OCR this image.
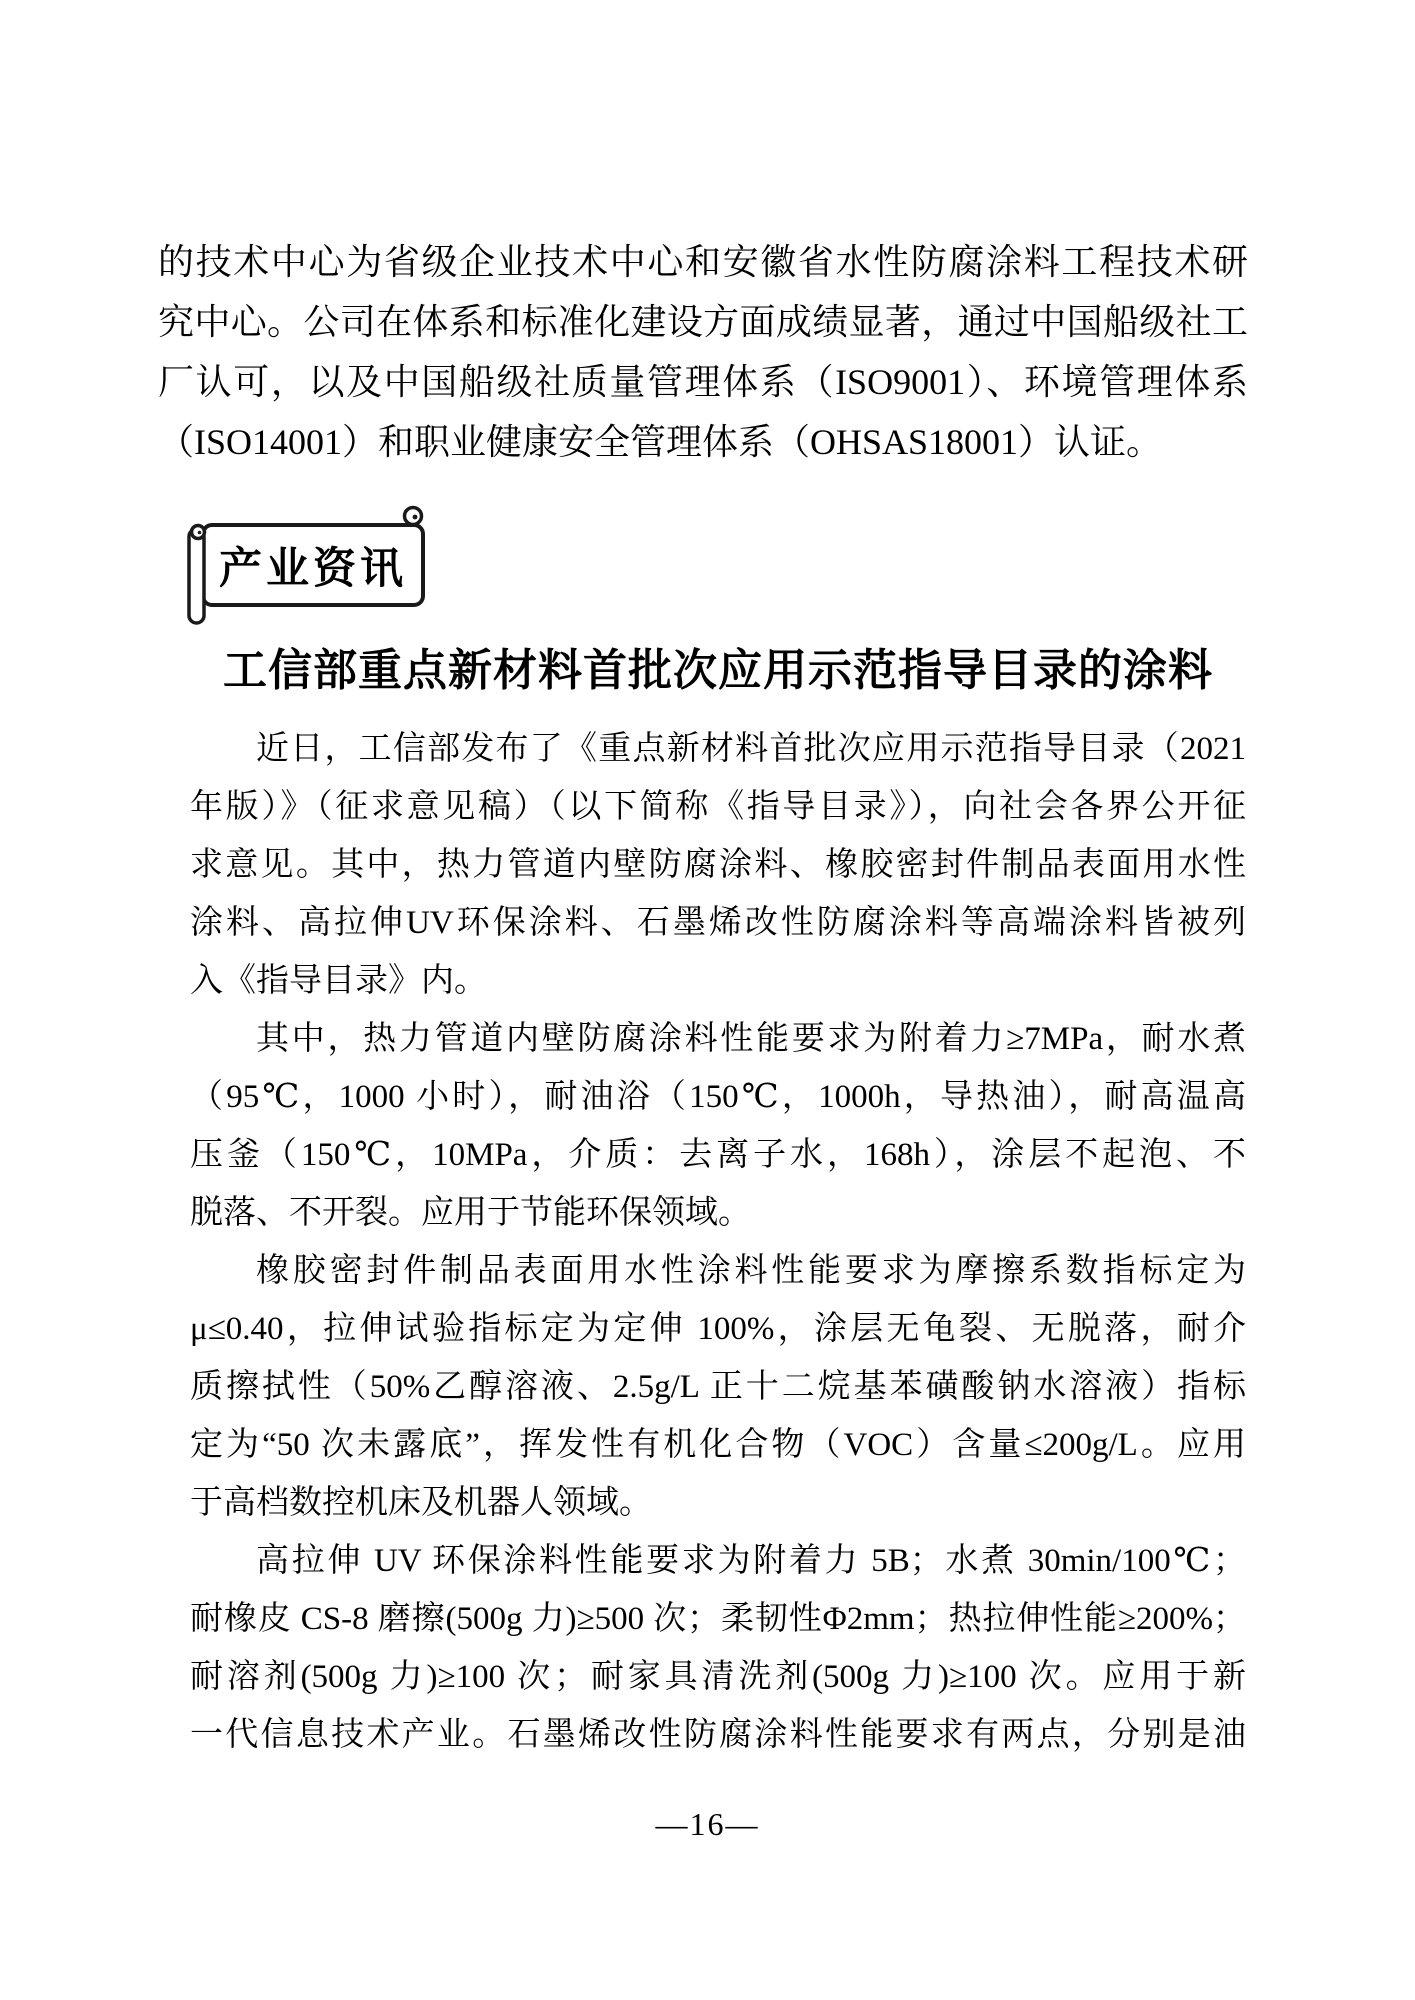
的技术中心为省级企业技术中心和安徽省水性防腐涂料工程技术研
究中心。公司在体系和标准化建设方面成绩显著，通过中国船级社工
厂认可，以及中国船级社质量管理体系（ISO9001）、环境管理体系
（ISO14001）和职业健康安全管理体系（OHSAS18001）认证。
产业资讯
工信部重点新材料首批次应用示范指导目录的涂料
近日，工信部发布了《重点新材料首批次应用示范指导目录（2021
年版）》（征求意见稿）（以下简称《指导目录》），向社会各界公开征
求意见。其中，热力管道内壁防腐涂料、橡胶密封件制品表面用水性
涂料、高拉伸UV环保涂料、石墨烯改性防腐涂料等高端涂料皆被列
入《指导目录》内。
其中，热力管道内壁防腐涂料性能要求为附着力≥7MPa，耐水煮
（95℃，1000 小时），耐油浴（150℃，1000h，导热油），耐高温高
压釜（150℃，10MPa，介质：去离子水，168h），涂层不起泡、不
脱落、不开裂。应用于节能环保领域。
橡胶密封件制品表面用水性涂料性能要求为摩擦系数指标定为
μ≤0.40，拉伸试验指标定为定伸 100%，涂层无龟裂、无脱落，耐介
质擦拭性（50%乙醇溶液、2.5g/L 正十二烷基苯磺酸钠水溶液）指标
定为“50 次未露底”，挥发性有机化合物（VOC）含量≤200g/L。应用
于高档数控机床及机器人领域。
高拉伸 UV 环保涂料性能要求为附着力 5B；水煮 30min/100℃；
耐橡皮 CS-8 磨擦(500g 力)≥500 次；柔韧性Φ2mm；热拉伸性能≥200%；
耐溶剂(500g 力)≥100 次；耐家具清洗剂(500g 力)≥100 次。应用于新
一代信息技术产业。石墨烯改性防腐涂料性能要求有两点，分别是油
—16—
